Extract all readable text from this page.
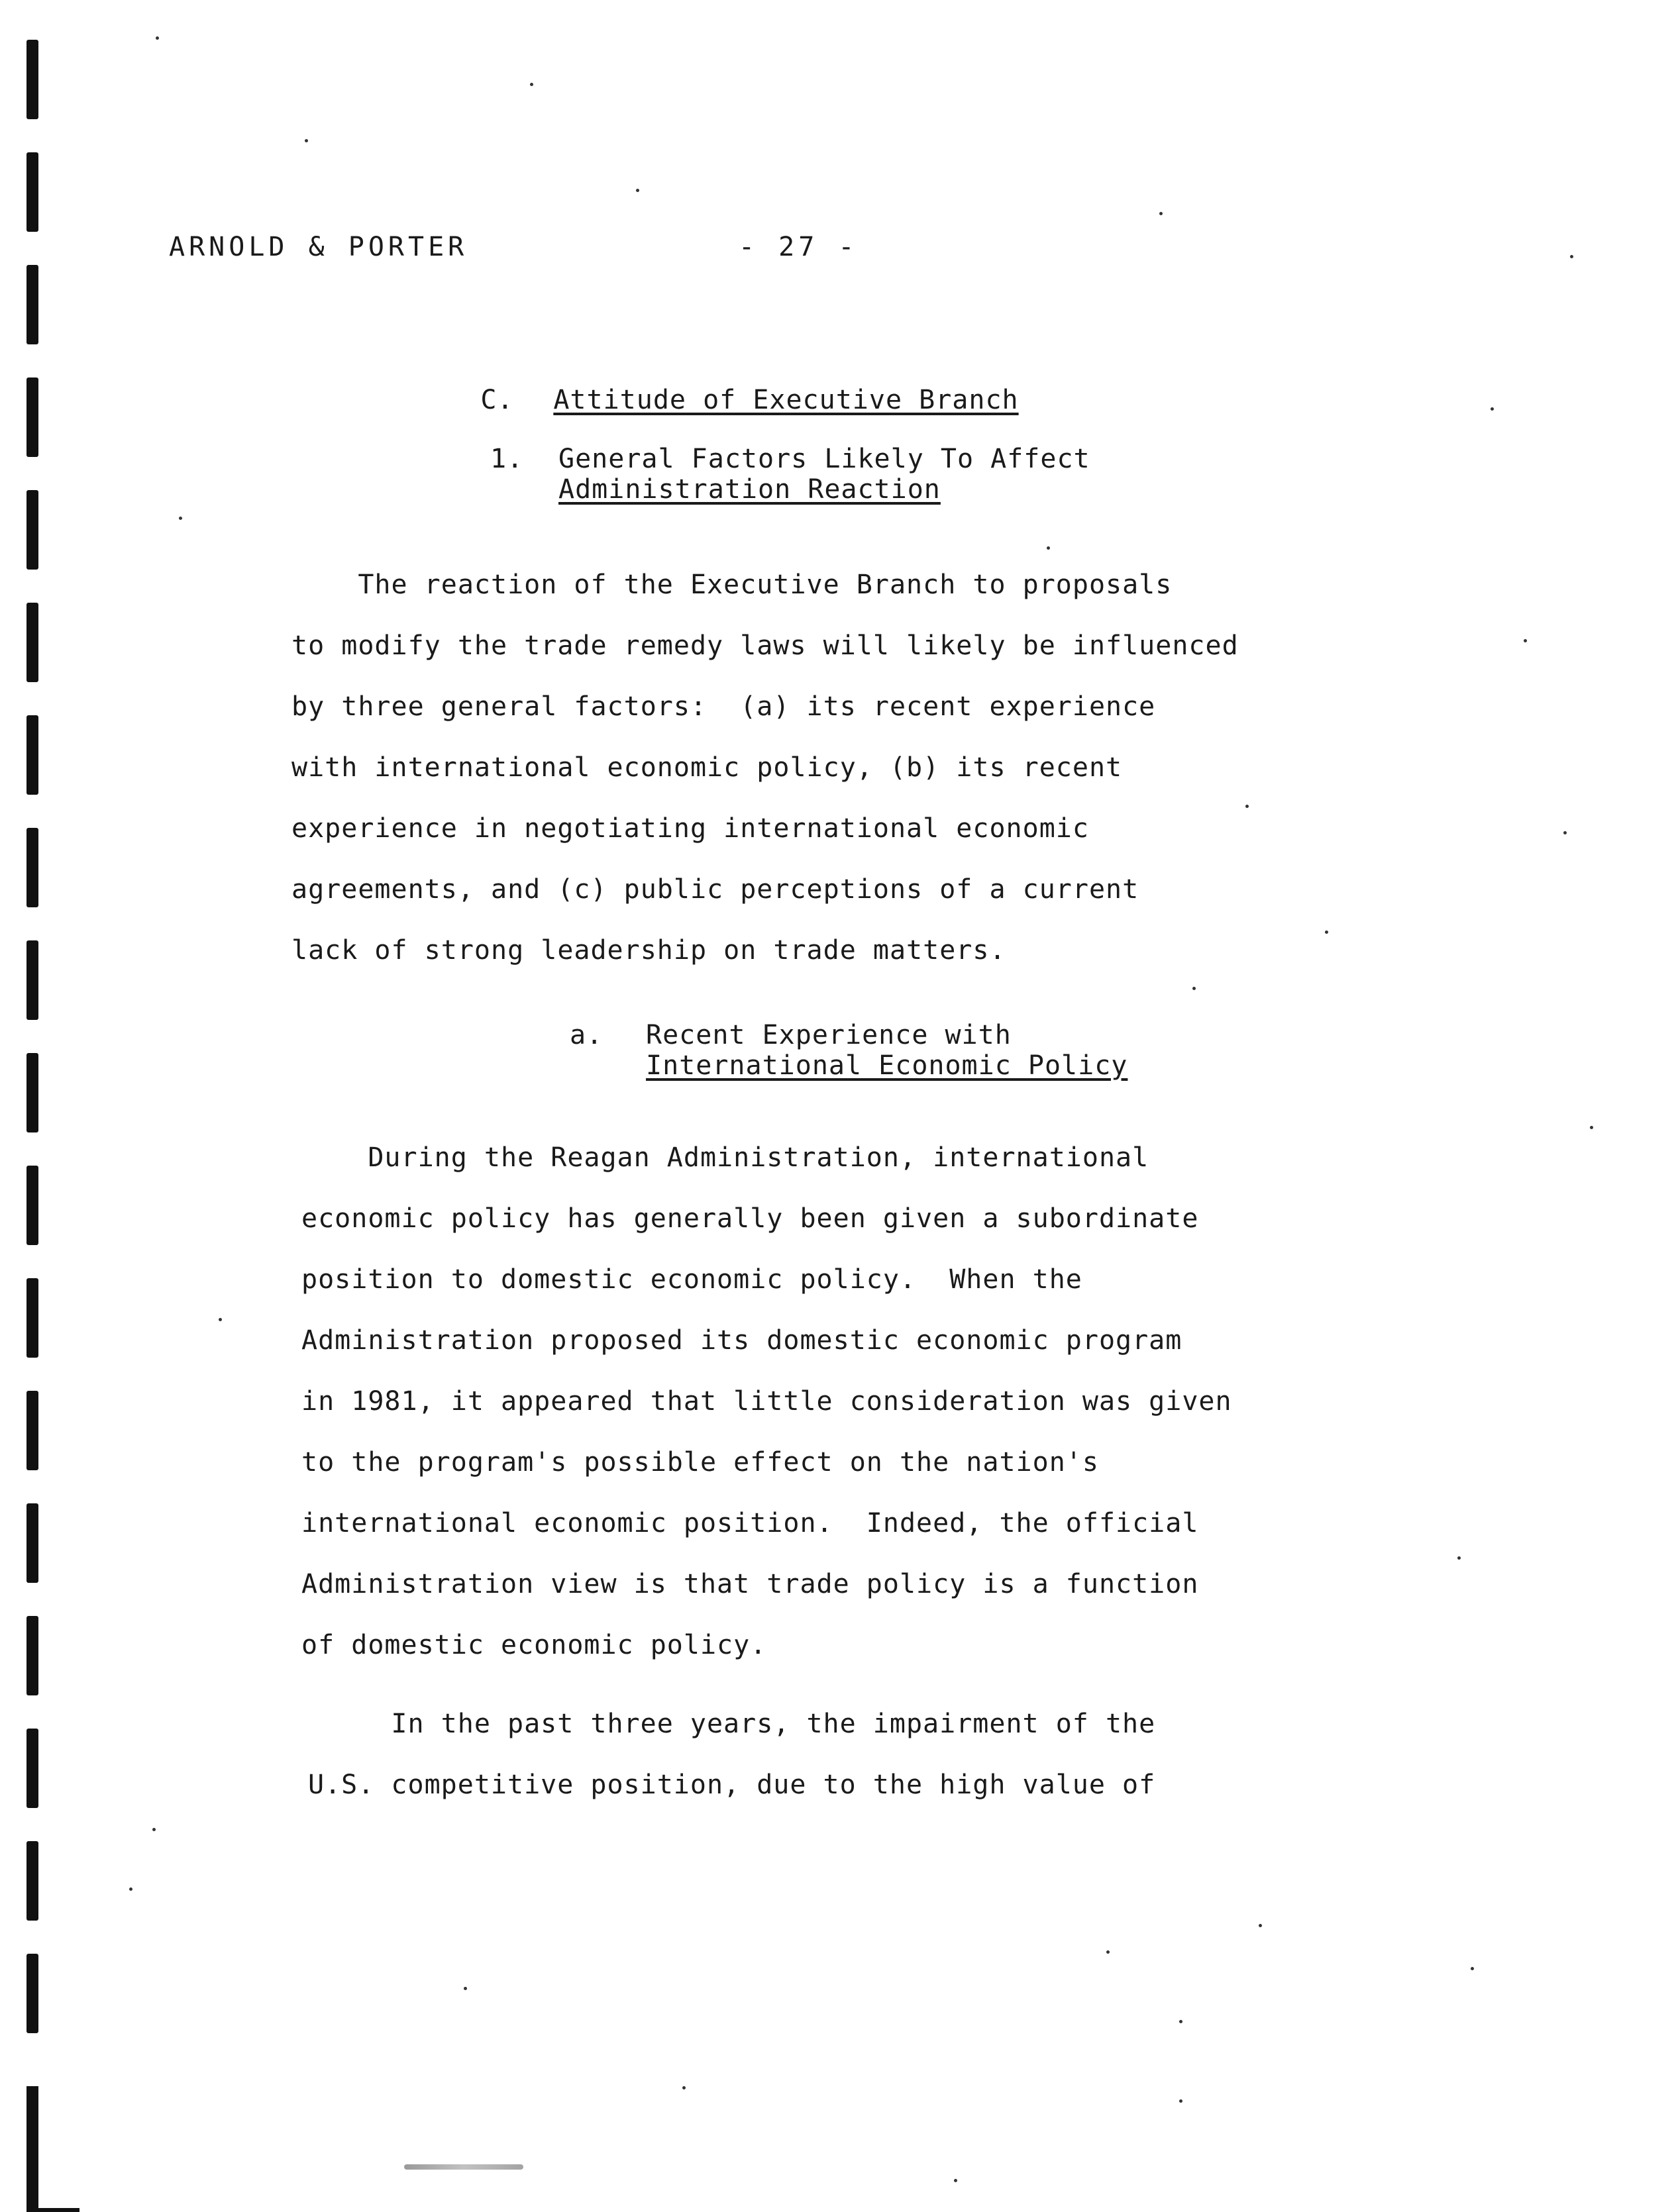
ARNOLD & PORTER	- 27 -

C. Attitude of Executive Branch

1.

General Factors Likely To Affect

Administration Reaction

The reaction of the Executive Branch to proposals

to modify the trade remedy laws will likely be influenced

by three general factors:  (a) its recent experience

with international economic policy, (b) its recent

experience in negotiating international economic

agreements, and (c) public perceptions of a current

lack of strong leadership on trade matters.

a.

Recent Experience with

International Economic Policy

During the Reagan Administration, international

economic policy has generally been given a subordinate

position to domestic economic policy.  When the

Administration proposed its domestic economic program

in 1981, it appeared that little consideration was given

to the program's possible effect on the nation's

international economic position.  Indeed, the official

Administration view is that trade policy is a function

of domestic economic policy.

In the past three years, the impairment of the

U.S. competitive position, due to the high value of
